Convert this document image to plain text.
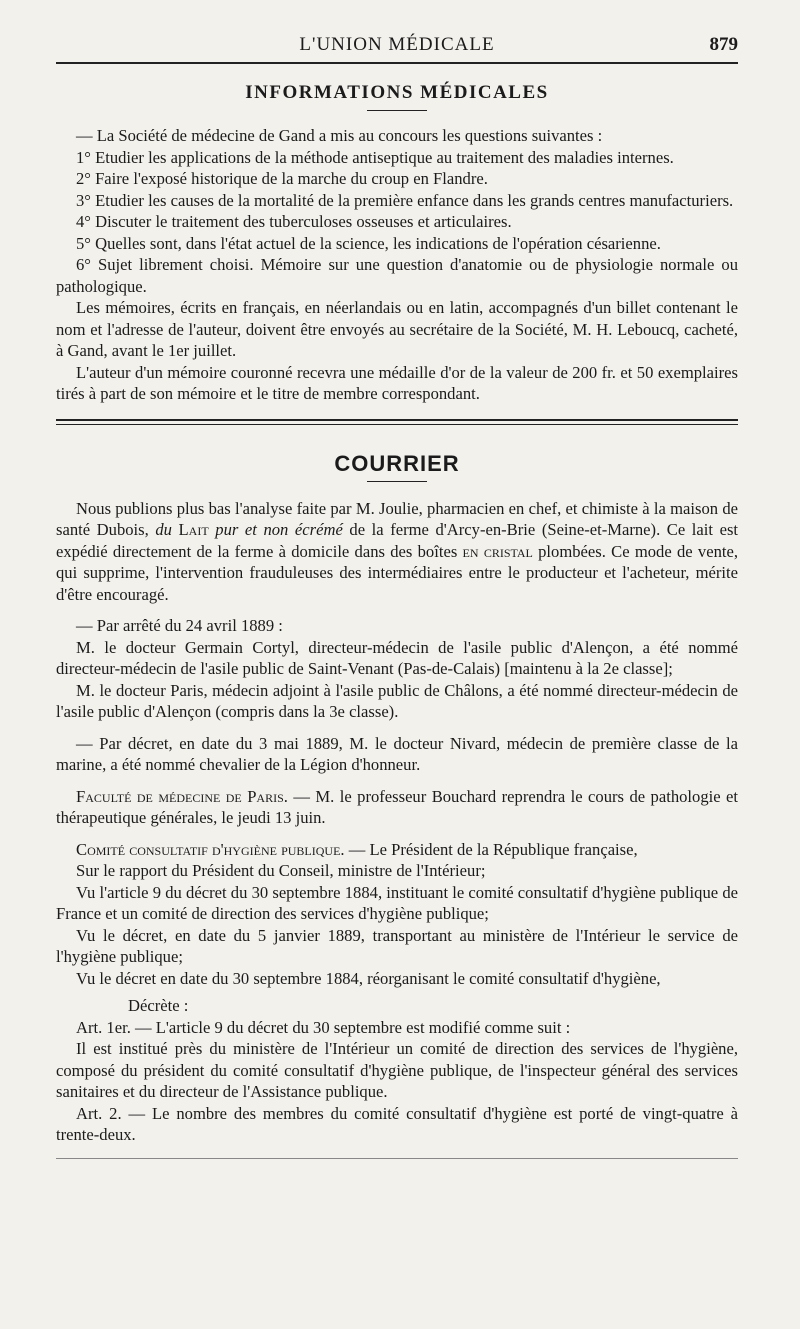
L'UNION MÉDICALE	879
INFORMATIONS MÉDICALES

— La Société de médecine de Gand a mis au concours les questions suivantes :

1° Etudier les applications de la méthode antiseptique au traitement des maladies internes.

2° Faire l'exposé historique de la marche du croup en Flandre.

3° Etudier les causes de la mortalité de la première enfance dans les grands centres manufacturiers.

4° Discuter le traitement des tuberculoses osseuses et articulaires.

5° Quelles sont, dans l'état actuel de la science, les indications de l'opération césarienne.

6° Sujet librement choisi. Mémoire sur une question d'anatomie ou de physiologie normale ou pathologique.

Les mémoires, écrits en français, en néerlandais ou en latin, accompagnés d'un billet contenant le nom et l'adresse de l'auteur, doivent être envoyés au secrétaire de la Société, M. H. Leboucq, cacheté, à Gand, avant le 1er juillet.

L'auteur d'un mémoire couronné recevra une médaille d'or de la valeur de 200 fr. et 50 exemplaires tirés à part de son mémoire et le titre de membre correspondant.

COURRIER

Nous publions plus bas l'analyse faite par M. Joulie, pharmacien en chef, et chimiste à la maison de santé Dubois, du Lait pur et non écrémé de la ferme d'Arcy-en-Brie (Seine-et-Marne). Ce lait est expédié directement de la ferme à domicile dans des boîtes en cristal plombées. Ce mode de vente, qui supprime, l'intervention frauduleuses des intermédiaires entre le producteur et l'acheteur, mérite d'être encouragé.

— Par arrêté du 24 avril 1889 :

M. le docteur Germain Cortyl, directeur-médecin de l'asile public d'Alençon, a été nommé directeur-médecin de l'asile public de Saint-Venant (Pas-de-Calais) [maintenu à la 2e classe];

M. le docteur Paris, médecin adjoint à l'asile public de Châlons, a été nommé directeur-médecin de l'asile public d'Alençon (compris dans la 3e classe).

— Par décret, en date du 3 mai 1889, M. le docteur Nivard, médecin de première classe de la marine, a été nommé chevalier de la Légion d'honneur.

Faculté de médecine de Paris. — M. le professeur Bouchard reprendra le cours de pathologie et thérapeutique générales, le jeudi 13 juin.

Comité consultatif d'hygiène publique. — Le Président de la République française,

Sur le rapport du Président du Conseil, ministre de l'Intérieur;

Vu l'article 9 du décret du 30 septembre 1884, instituant le comité consultatif d'hygiène publique de France et un comité de direction des services d'hygiène publique;

Vu le décret, en date du 5 janvier 1889, transportant au ministère de l'Intérieur le service de l'hygiène publique;

Vu le décret en date du 30 septembre 1884, réorganisant le comité consultatif d'hygiène,

Décrète :

Art. 1er. — L'article 9 du décret du 30 septembre est modifié comme suit :

Il est institué près du ministère de l'Intérieur un comité de direction des services de l'hygiène, composé du président du comité consultatif d'hygiène publique, de l'inspecteur général des services sanitaires et du directeur de l'Assistance publique.

Art. 2. — Le nombre des membres du comité consultatif d'hygiène est porté de vingt-quatre à trente-deux.
